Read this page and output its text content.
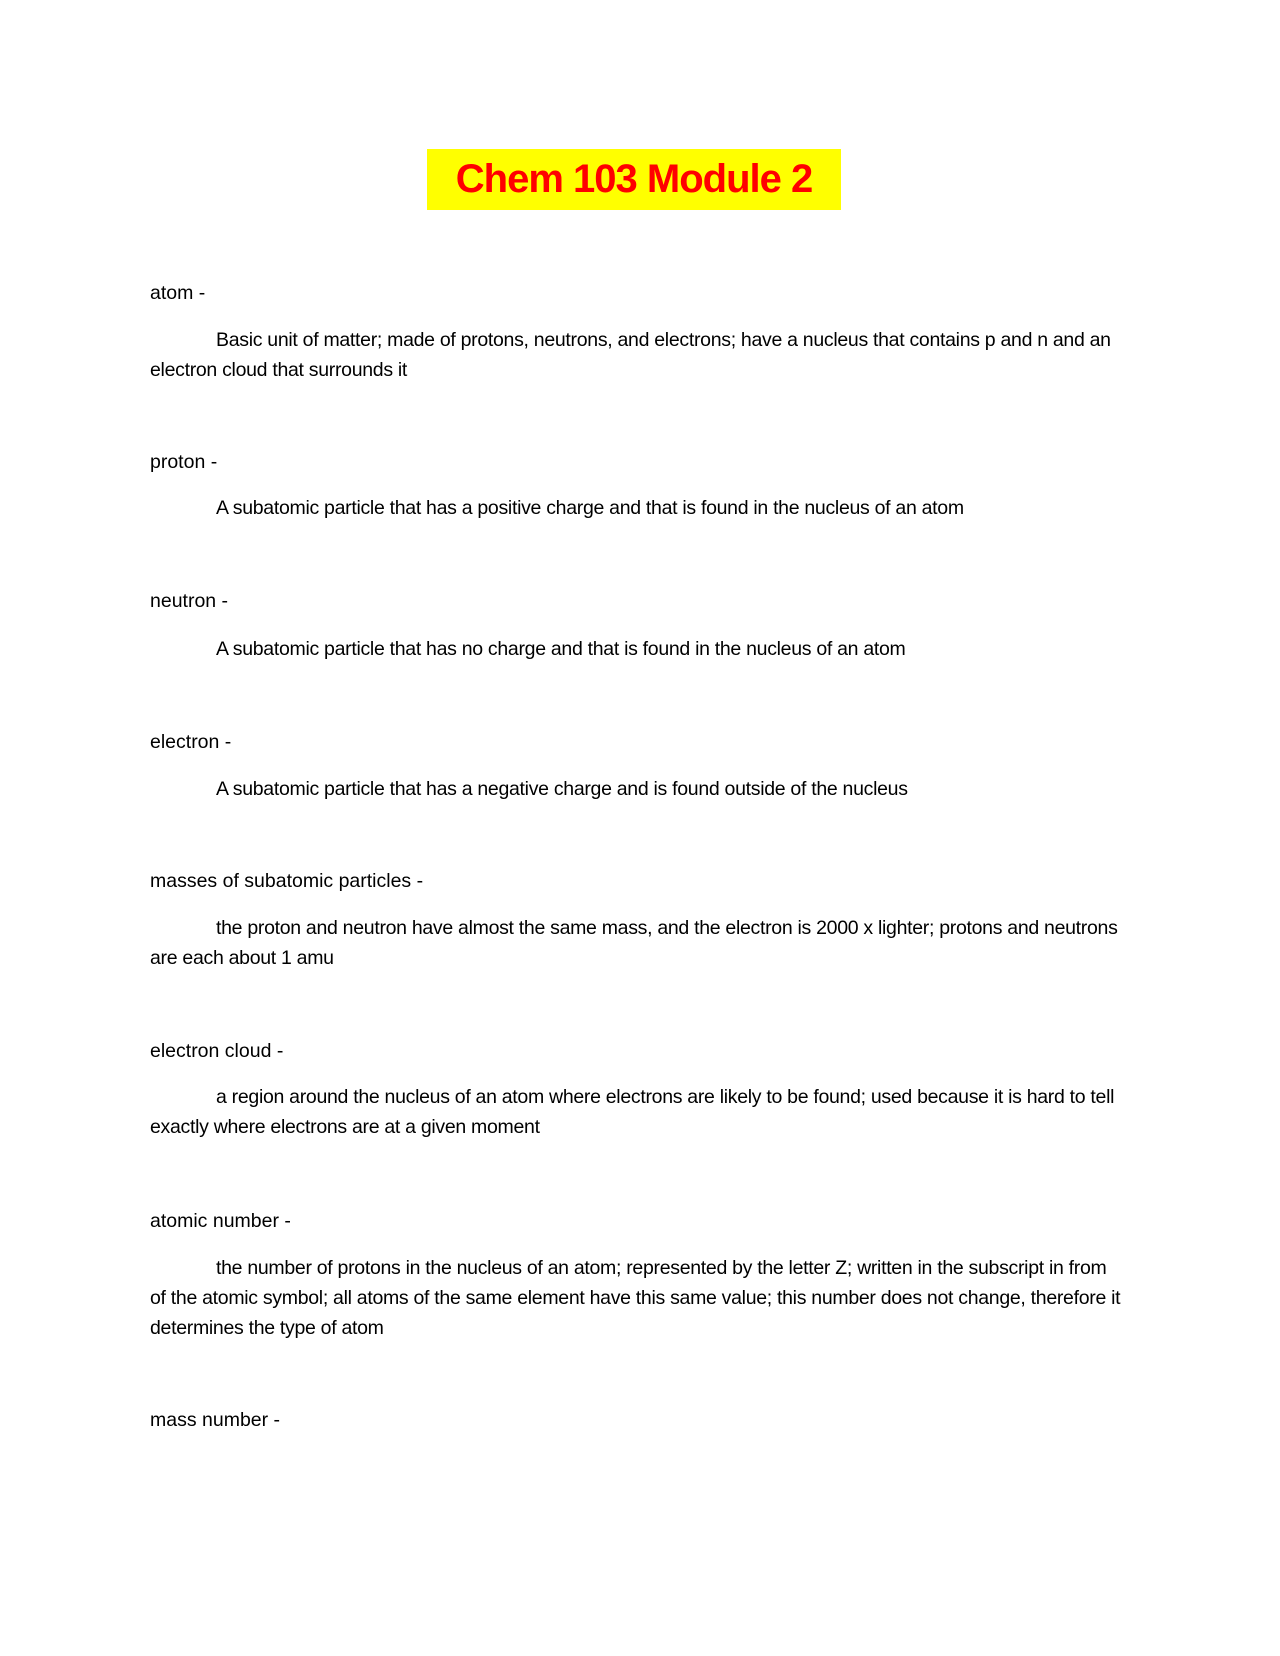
Chem 103 Module 2
atom -
Basic unit of matter; made of protons, neutrons, and electrons; have a nucleus that contains p and n and an electron cloud that surrounds it
proton -
A subatomic particle that has a positive charge and that is found in the nucleus of an atom
neutron -
A subatomic particle that has no charge and that is found in the nucleus of an atom
electron -
A subatomic particle that has a negative charge and is found outside of the nucleus
masses of subatomic particles -
the proton and neutron have almost the same mass, and the electron is 2000 x lighter; protons and neutrons are each about 1 amu
electron cloud -
a region around the nucleus of an atom where electrons are likely to be found; used because it is hard to tell exactly where electrons are at a given moment
atomic number -
the number of protons in the nucleus of an atom; represented by the letter Z; written in the subscript in from of the atomic symbol; all atoms of the same element have this same value; this number does not change, therefore it determines the type of atom
mass number -
